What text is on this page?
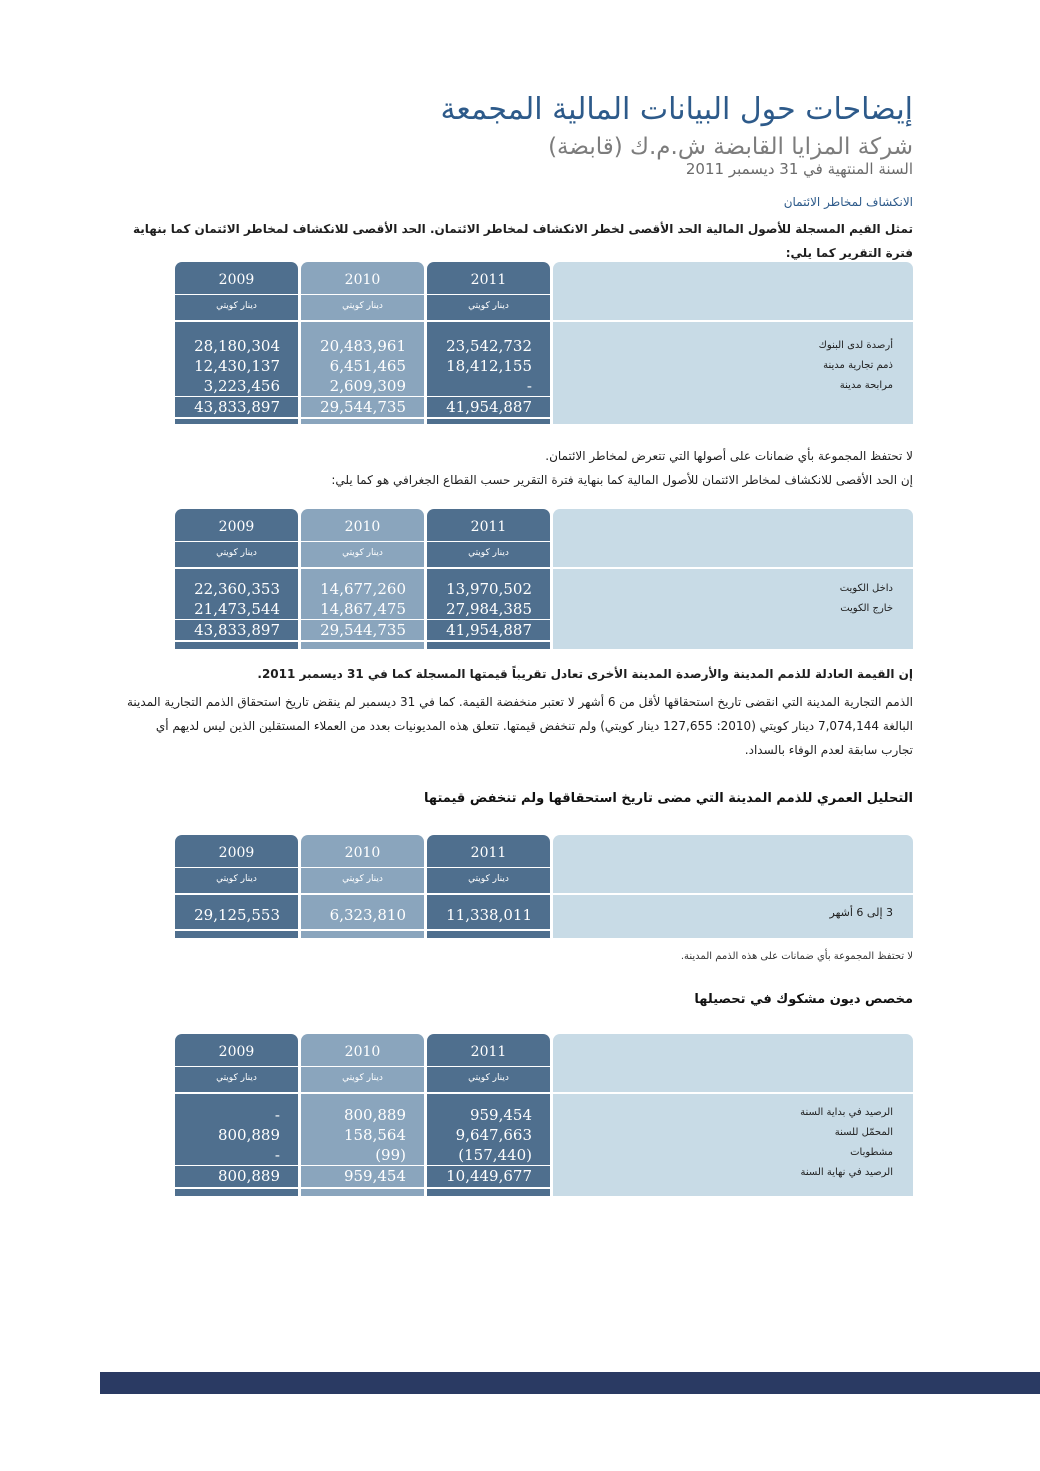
إيضاحات حول البيانات المالية المجمعة
شركة المزايا القابضة ش.م.ك (قابضة)
السنة المنتهية في 31 ديسمبر 2011
الانكشاف لمخاطر الائتمان
تمثل القيم المسجلة للأصول المالية الحد الأقصى لخطر الانكشاف لمخاطر الائتمان. الحد الأقصى للانكشاف لمخاطر الائتمان كما بنهاية فترة التقرير كما يلي:
2009
دينار كويتي
28,180,304
12,430,137
3,223,456
43,833,897
2010
دينار كويتي
20,483,961
6,451,465
2,609,309
29,544,735
2011
دينار كويتي
23,542,732
18,412,155
-
41,954,887
أرصدة لدى البنوك
ذمم تجارية مدينة
مرابحة مدينة
لا تحتفظ المجموعة بأي ضمانات على أصولها التي تتعرض لمخاطر الائتمان.
إن الحد الأقصى للانكشاف لمخاطر الائتمان للأصول المالية كما بنهاية فترة التقرير حسب القطاع الجغرافي هو كما يلي:
2009
دينار كويتي
22,360,353
21,473,544
43,833,897
2010
دينار كويتي
14,677,260
14,867,475
29,544,735
2011
دينار كويتي
13,970,502
27,984,385
41,954,887
داخل الكويت
خارج الكويت
إن القيمة العادلة للذمم المدينة والأرصدة المدينة الأخرى تعادل تقريباً قيمتها المسجلة كما في 31 ديسمبر 2011.
الذمم التجارية المدينة التي انقضى تاريخ استحقاقها لأقل من 6 أشهر لا تعتبر منخفضة القيمة. كما في 31 ديسمبر لم ينقض تاريخ استحقاق الذمم التجارية المدينة البالغة 7,074,144 دينار كويتي (2010: 127,655 دينار كويتي) ولم تنخفض قيمتها. تتعلق هذه المديونيات بعدد من العملاء المستقلين الذين ليس لديهم أي تجارب سابقة لعدم الوفاء بالسداد.
التحليل العمري للذمم المدينة التي مضى تاريخ استحقاقها ولم تنخفض قيمتها
2009
دينار كويتي
29,125,553
2010
دينار كويتي
6,323,810
2011
دينار كويتي
11,338,011	3 إلى 6 أشهر
لا تحتفظ المجموعة بأي ضمانات على هذه الذمم المدينة.
مخصص ديون مشكوك في تحصيلها
2009
دينار كويتي
-
800,889
-
800,889
2010
دينار كويتي
800,889
158,564
(99)
959,454
2011
دينار كويتي
959,454
9,647,663
(157,440)
10,449,677
الرصيد في بداية السنة
المحمّل للسنة
مشطوبات
الرصيد في نهاية السنة
